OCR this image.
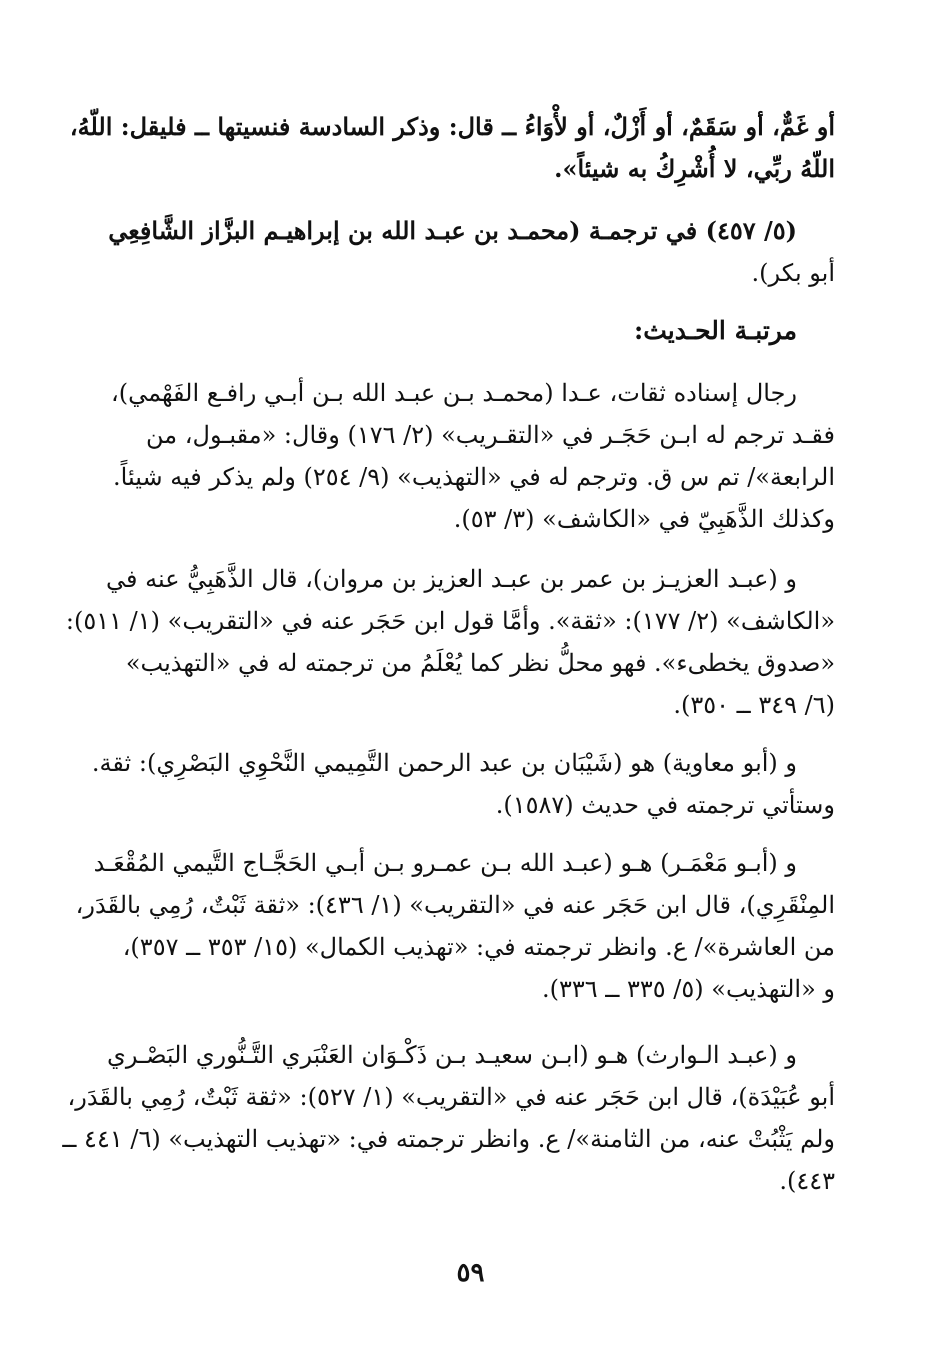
أو غَمٌّ، أو سَقَمٌ، أو أَزْلٌ، أو لأْوَاءُ ــ قال: وذكر السادسة فنسيتها ــ فليقل: اللّهُ،
اللّهُ ربِّي، لا أُشْرِكُ به شيئاً».
(٥/ ٤٥٧) في ترجمـة (محمـد بن عبـد الله بن إبراهيـم البزَّاز الشَّافِعِي
أبو بكر).
مرتبـة الحـديث:
رجال إسناده ثقات، عـدا (محمـد بـن عبـد الله بـن أبـي رافـع الفَهْمي)،
فقـد ترجم له ابـن حَجَـر في «التقـريب» (٢/ ١٧٦) وقال: «مقبـول، من
الرابعة»/ تم س ق. وترجم له في «التهذيب» (٩/ ٢٥٤) ولم يذكر فيه شيئاً.
وكذلك الذَّهَبِيّ في «الكاشف» (٣/ ٥٣).
و (عبـد العزيـز بن عمر بن عبـد العزيز بن مروان)، قال الذَّهَبِيُّ عنه في
«الكاشف» (٢/ ١٧٧): «ثقة». وأمَّا قول ابن حَجَر عنه في «التقريب» (١/ ٥١١):
«صدوق يخطىء». فهو محلُّ نظر كما يُعْلَمُ من ترجمته له في «التهذيب»
(٦/ ٣٤٩ ــ ٣٥٠).
و (أبو معاوية) هو (شَيْبَان بن عبد الرحمن التَّمِيمي النَّحْوِي البَصْرِي): ثقة.
وستأتي ترجمته في حديث (١٥٨٧).
و (أبـو مَعْمَـر) هـو (عبـد الله بـن عمـرو بـن أبـي الحَجَّـاج التَّيمي المُقْعَـد
المِنْقَرِي)، قال ابن حَجَر عنه في «التقريب» (١/ ٤٣٦): «ثقة ثَبْتٌ، رُمِي بالقَدَر،
من العاشرة»/ ع. وانظر ترجمته في: «تهذيب الكمال» (١٥/ ٣٥٣ ــ ٣٥٧)،
و «التهذيب» (٥/ ٣٣٥ ــ ٣٣٦).
و (عبـد الـوارث) هـو (ابـن سعيـد بـن ذَكْـوَان العَنْبَري التَّـنُّوري البَصْـري
أبو عُبَيْدَة)، قال ابن حَجَر عنه في «التقريب» (١/ ٥٢٧): «ثقة ثَبْتٌ، رُمِي بالقَدَر،
ولم يَثْبُتْ عنه، من الثامنة»/ ع. وانظر ترجمته في: «تهذيب التهذيب» (٦/ ٤٤١ ــ
٤٤٣).
٥٩
